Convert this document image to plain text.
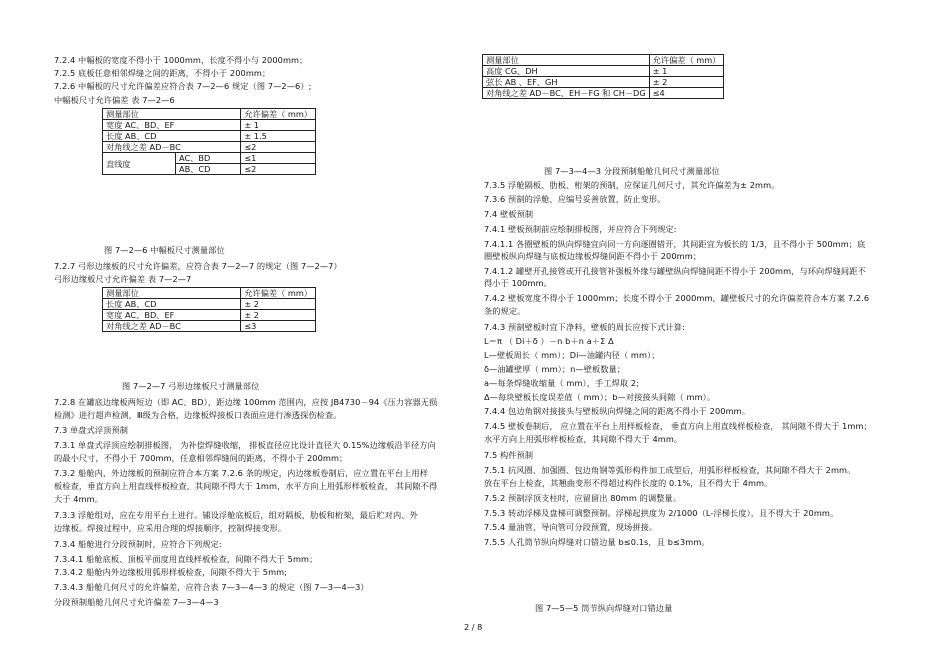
7.2.4 中幅板的宽度不得小于 1000mm，长度不得小与 2000mm；
7.2.5 底板任意相邻焊缝之间的距离，不得小于 200mm；
7.2.6 中幅板的尺寸允许偏差应符合表 7—2—6 规定（图 7—2—6）;
中幅板尺寸允许偏差 表 7—2—6
测量部位		允许偏差（ mm）
宽度 AC、BD、EF		± 1
长度 AB、CD		± 1.5
对角线之差 AD－BC		≤2
直线度	AC、BD	≤1
	AB、CD	≤2
图 7—2—6 中幅板尺寸测量部位
7.2.7 弓形边缘板的尺寸允许偏差，应符合表 7—2—7 的规定（图 7—2—7）
弓形边缘板尺寸允许偏差 表 7—2—7
测量部位	允许偏差（ mm）
长度 AB、CD	± 2
宽度 AC、BD、EF	± 2
对角线之差 AD－BC	≤3
图 7—2—7 弓形边缘板尺寸测量部位
7.2.8 在罐底边缘板两短边（即 AC、BD），距边缘 100mm 范围内，应按 JB4730－94《压力容器无损
检测》进行超声检测，Ⅲ级为合格，边缘板焊接板口表面应进行渗透探伤检查。
7.3 单盘式浮顶预制
7.3.1 单盘式浮顶应绘制排板图， 为补偿焊缝收缩， 排板直径应比设计直径大 0.15%边缘板沿半径方向
的最小尺寸，不得小于 700mm，任意相邻焊缝间的距离，不得小于 200mm；
7.3.2 船舱内，外边缘板的预制应符合本方案 7.2.6 条的规定，内边缘板卷制后，应立置在平台上用样
板检查，垂直方向上用直线样板检查，其间隙不得大于 1mm，水平方向上用弧形样板检查， 其间隙不得
大于 4mm。
7.3.3 浮舱组对，应在专用平台上进行。铺设浮舱底板后，组对隔板，肋板和桁架，最后贮对内、外
边缘板。焊接过程中，应采用合理的焊接顺序，控制焊接变形。
7.3.4 船舱进行分段预制时，应符合下列规定:
7.3.4.1 船舱底板、顶板平面度用直线样板检查，间隙不得大于 5mm；
7.3.4.2 船舱内外边缘板用弧形样板检查，间隙不得大于 5mm;
7.3.4.3 船舱几何尺寸的允许偏差，应符合表 7—3—4—3 的规定（图 7—3—4—3）
分段预制船舱几何尺寸允许偏差 7—3—4—3
测量部位	允许偏差（ mm）
高度 CG、DH	± 1
弦长 AB 、EF、GH	± 2
对角线之差 AD－BC、EH－FG 和 CH－DG	≤4
图 7—3—4—3 分段预制船舱几何尺寸测量部位
7.3.5 浮舱隔板、肋板、桁架的预制，应保证几何尺寸，其允许偏差为± 2mm。
7.3.6 预制的浮舱，应编号妥善放置，防止变形。
7.4 壁板预制
7.4.1 壁板预制前应绘制排板图，并应符合下列规定:
7.4.1.1 各圈壁板的纵向焊缝宜向同一方向逐圈错开，其间距宜为板长的 1/3，且不得小于 500mm；底
圈壁板纵向焊缝与底板边缘板焊缝间距不得小于 200mm；
7.4.1.2 罐壁开孔接管或开孔接管补强板外缘与罐壁纵向焊缝间距不得小于 200mm，与环向焊缝间距不
得小于 100mm。
7.4.2 壁板宽度不得小于 1000mm；长度不得小于 2000mm，罐壁板尺寸的允许偏差符合本方案 7.2.6
条的规定。
7.4.3 预制壁板时宜下净料，壁板的周长应按下式计算:
L＝π （ Di＋δ ）－n b＋n a＋Σ Δ
L—壁板周长（ mm）；Di—油罐内径（ mm）；
δ—油罐壁厚（ mm）；n—壁板数量；
a—每条焊缝收缩量（ mm），手工焊取 2;
Δ—每块壁板长度误差值（ mm）；b—对接接头间隙（ mm）。
7.4.4 包边角钢对接接头与壁板纵向焊缝之间的距离不得小于 200mm。
7.4.5 壁板卷制后， 应立置在平台上用样板检查， 垂直方向上用直线样板检查， 其间隙不得大于 1mm；
水平方向上用弧形样板检查，其间隙不得大于 4mm。
7.5 构件预制
7.5.1 抗风圈、加强圈、包边角钢等弧形构件加工成型后，用弧形样板检查，其间隙不得大于 2mm。
放在平台上检查，其翘曲变形不得超过构件长度的 0.1%，且不得大于 4mm。
7.5.2 预制浮顶支柱时，应留留出 80mm 的调整量。
7.5.3 转动浮梯及盘梯可调整预制。浮梯起拱度为 2/1000（L-浮梯长度），且不得大于 20mm。
7.5.4 量油管，导向管可分段预置，现场拼接。
7.5.5 人孔筒节纵向焊缝对口错边量 b≤0.1s，且 b≤3mm。
图 7—5—5 筒节纵向焊缝对口错边量
2 / 8
